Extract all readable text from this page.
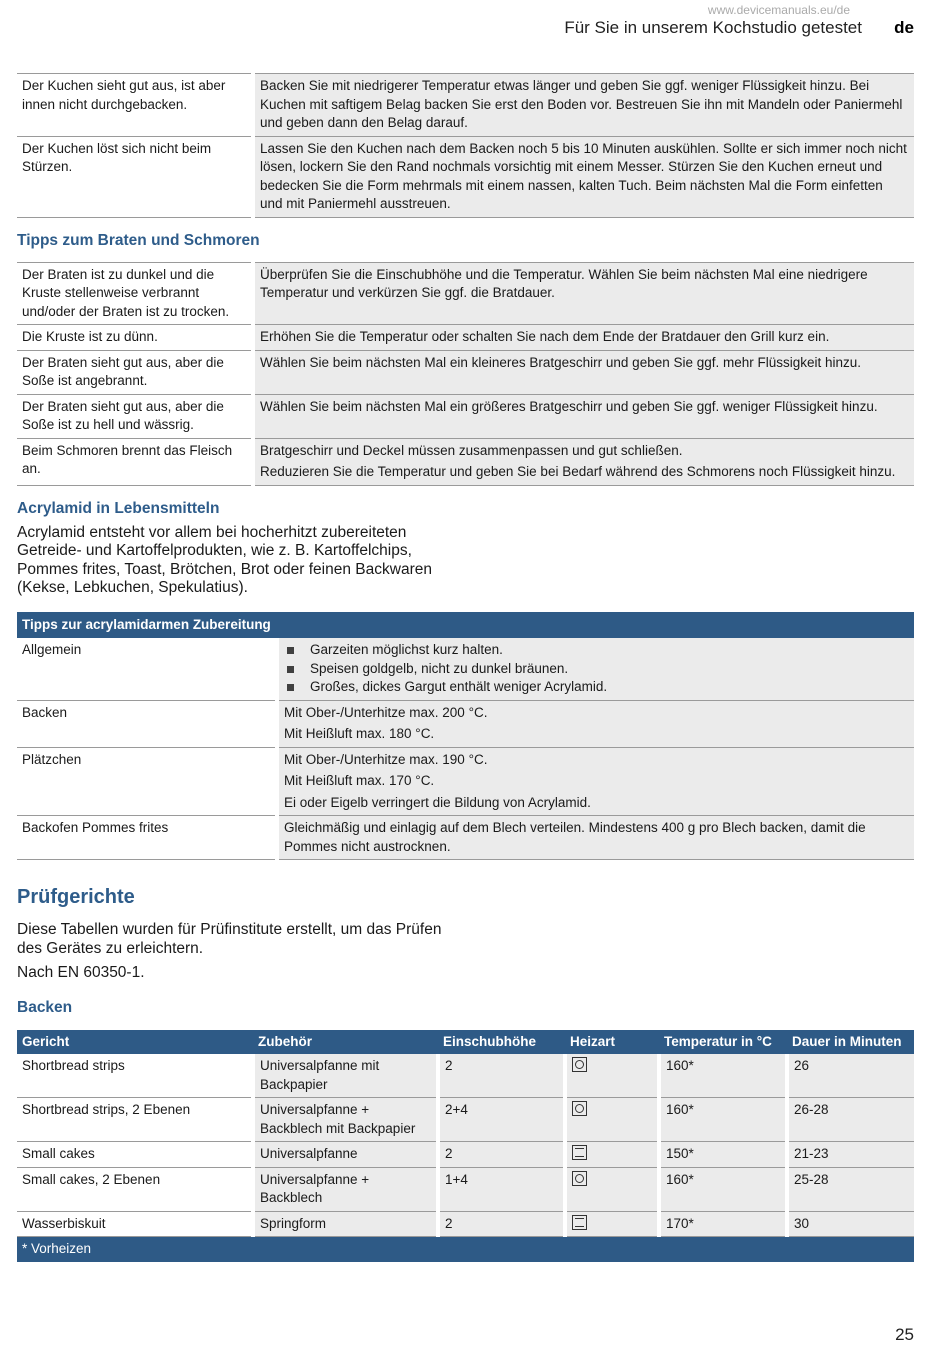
www.devicemanuals.eu/de
Für Sie in unserem Kochstudio getestet de
Der Kuchen sieht gut aus, ist aber innen nicht durchgebacken.	Backen Sie mit niedrigerer Temperatur etwas länger und geben Sie ggf. weniger Flüssigkeit hinzu. Bei Kuchen mit saftigem Belag backen Sie erst den Boden vor. Bestreuen Sie ihn mit Mandeln oder Paniermehl und geben dann den Belag darauf.
Der Kuchen löst sich nicht beim Stürzen.	Lassen Sie den Kuchen nach dem Backen noch 5 bis 10 Minuten auskühlen. Sollte er sich immer noch nicht lösen, lockern Sie den Rand nochmals vorsichtig mit einem Messer. Stürzen Sie den Kuchen erneut und bedecken Sie die Form mehrmals mit einem nassen, kalten Tuch. Beim nächsten Mal die Form einfetten und mit Paniermehl ausstreuen.
Tipps zum Braten und Schmoren
Der Braten ist zu dunkel und die Kruste stellenweise verbrannt und/oder der Braten ist zu trocken.	Überprüfen Sie die Einschubhöhe und die Temperatur. Wählen Sie beim nächsten Mal eine niedrigere Temperatur und verkürzen Sie ggf. die Bratdauer.
Die Kruste ist zu dünn.	Erhöhen Sie die Temperatur oder schalten Sie nach dem Ende der Bratdauer den Grill kurz ein.
Der Braten sieht gut aus, aber die Soße ist angebrannt.	Wählen Sie beim nächsten Mal ein kleineres Bratgeschirr und geben Sie ggf. mehr Flüssigkeit hinzu.
Der Braten sieht gut aus, aber die Soße ist zu hell und wässrig.	Wählen Sie beim nächsten Mal ein größeres Bratgeschirr und geben Sie ggf. weniger Flüssigkeit hinzu.
Beim Schmoren brennt das Fleisch an.	Bratgeschirr und Deckel müssen zusammenpassen und gut schließen.

Reduzieren Sie die Temperatur und geben Sie bei Bedarf während des Schmorens noch Flüssigkeit hinzu.

Acrylamid in Lebensmitteln

Acrylamid entsteht vor allem bei hocherhitzt zubereiteten Getreide- und Kartoffelprodukten, wie z. B. Kartoffelchips, Pommes frites, Toast, Brötchen, Brot oder feinen Backwaren (Kekse, Lebkuchen, Spekulatius).

Tipps zur acrylamidarmen Zubereitung	
Allgemein	Garzeiten möglichst kurz halten.
Speisen goldgelb, nicht zu dunkel bräunen.
Großes, dickes Gargut enthält weniger Acrylamid.

Backen	Mit Ober-/Unterhitze max. 200 °C.

Mit Heißluft max. 180 °C.

Plätzchen	Mit Ober-/Unterhitze max. 190 °C.

Mit Heißluft max. 170 °C.

Ei oder Eigelb verringert die Bildung von Acrylamid.

Backofen Pommes frites	Gleichmäßig und einlagig auf dem Blech verteilen. Mindestens 400 g pro Blech backen, damit die Pommes nicht austrocknen.
Prüfgerichte

Diese Tabellen wurden für Prüfinstitute erstellt, um das Prüfen des Gerätes zu erleichtern.

Nach EN 60350-1.

Backen
Gericht	Zubehör	Einschubhöhe	Heizart	Temperatur in °C	Dauer in Minuten
Shortbread strips	Universalpfanne mit Backpapier	2		160*	26
Shortbread strips, 2 Ebenen	Universalpfanne + Backblech mit Backpapier	2+4		160*	26-28
Small cakes	Universalpfanne	2		150*	21-23
Small cakes, 2 Ebenen	Universalpfanne + Backblech	1+4		160*	25-28
Wasserbiskuit	Springform	2		170*	30
* Vorheizen					
25
